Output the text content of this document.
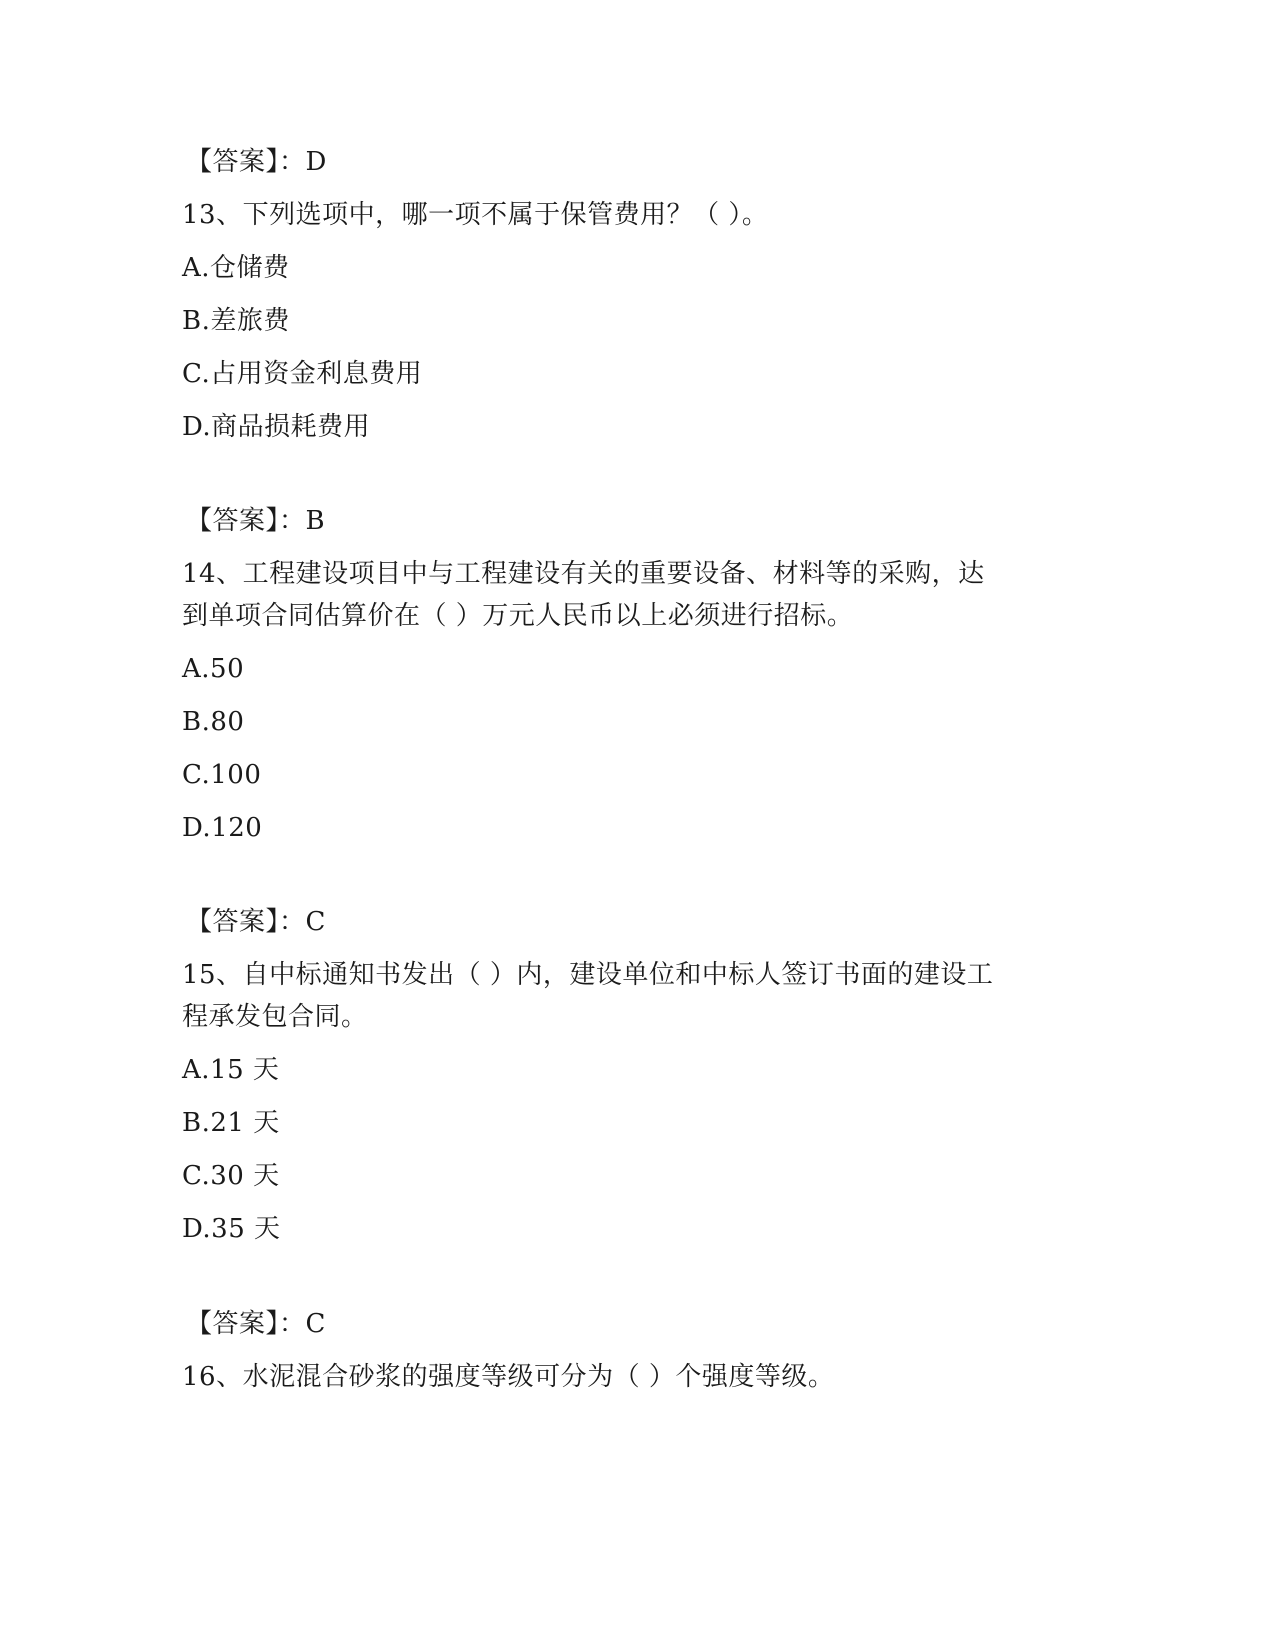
【答案】：D
13、下列选项中，哪一项不属于保管费用？（ ）。
A.仓储费
B.差旅费
C.占用资金利息费用
D.商品损耗费用
【答案】：B
14、工程建设项目中与工程建设有关的重要设备、材料等的采购，达
到单项合同估算价在（ ）万元人民币以上必须进行招标。
A.50
B.80
C.100
D.120
【答案】：C
15、自中标通知书发出（ ）内，建设单位和中标人签订书面的建设工
程承发包合同。
A.15 天
B.21 天
C.30 天
D.35 天
【答案】：C
16、水泥混合砂浆的强度等级可分为（ ）个强度等级。
